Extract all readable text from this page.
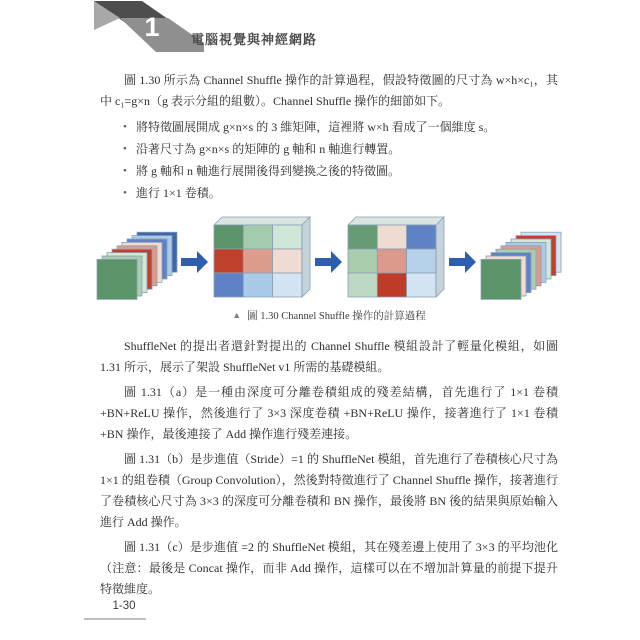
1 電腦視覺與神經網路

圖 1.30 所示為 Channel Shuffle 操作的計算過程，假設特徵圖的尺寸為 w×h×c₁，其中 c₁=g×n（g 表示分組的組數）。Channel Shuffle 操作的細節如下。

• 將特徵圖展開成 g×n×s 的 3 維矩陣，這裡將 w×h 看成了一個維度 s。
• 沿著尺寸為 g×n×s 的矩陣的 g 軸和 n 軸進行轉置。
• 將 g 軸和 n 軸進行展開後得到變換之後的特徵圖。
• 進行 1×1 卷積。
▲ 圖 1.30 Channel Shuffle 操作的計算過程

ShuffleNet 的提出者還針對提出的 Channel Shuffle 模組設計了輕量化模組，如圖 1.31 所示，展示了架設 ShuffleNet v1 所需的基礎模組。

圖 1.31（a）是一種由深度可分離卷積組成的殘差結構，首先進行了 1×1 卷積 +BN+ReLU 操作，然後進行了 3×3 深度卷積 +BN+ReLU 操作，接著進行了 1×1 卷積 +BN 操作，最後連接了 Add 操作進行殘差連接。

圖 1.31（b）是步進值（Stride）=1 的 ShuffleNet 模組，首先進行了卷積核心尺寸為 1×1 的組卷積（Group Convolution），然後對特徵進行了 Channel Shuffle 操作，接著進行了卷積核心尺寸為 3×3 的深度可分離卷積和 BN 操作，最後將 BN 後的結果與原始輸入進行 Add 操作。

圖 1.31（c）是步進值 =2 的 ShuffleNet 模組，其在殘差邊上使用了 3×3 的平均池化（注意：最後是 Concat 操作，而非 Add 操作，這樣可以在不增加計算量的前提下提升特徵維度。

1-30
